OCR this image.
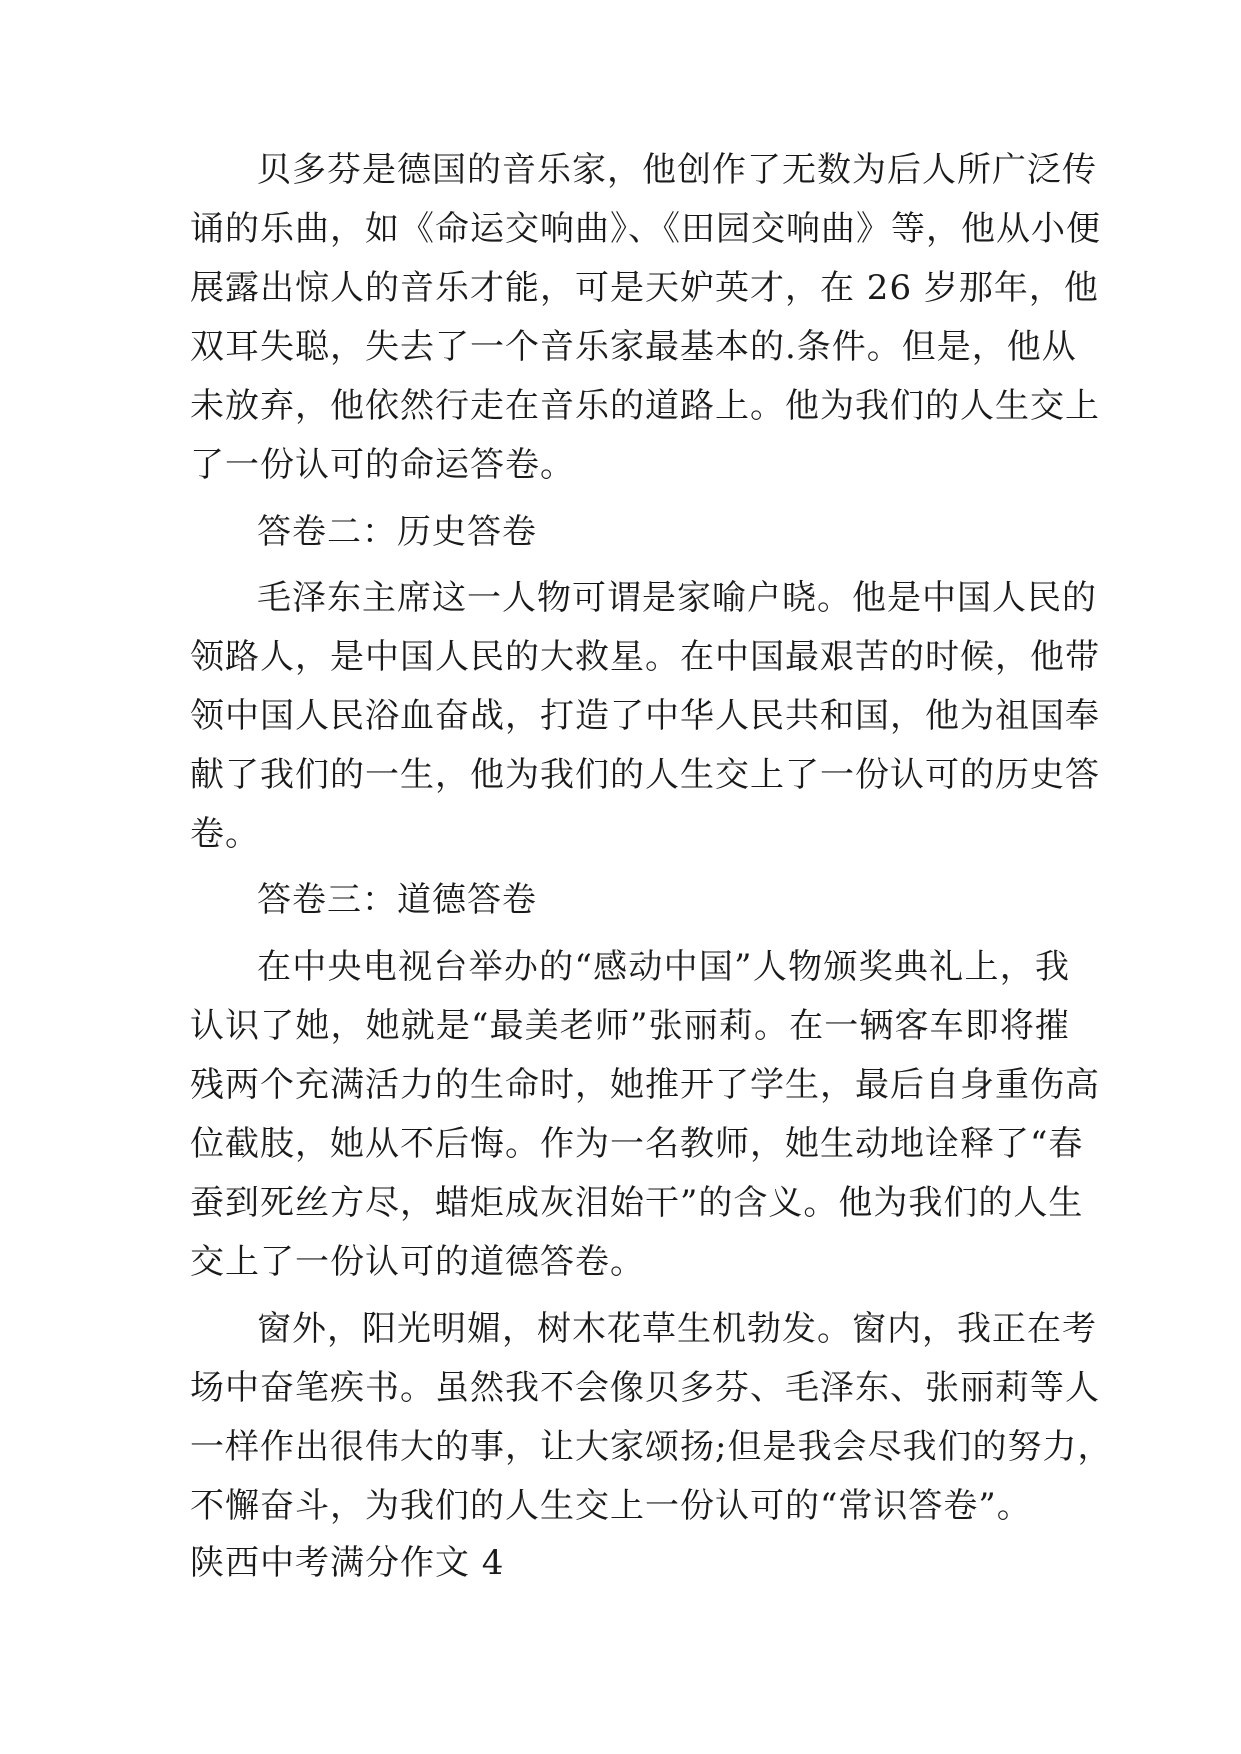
贝多芬是德国的音乐家，他创作了无数为后人所广泛传
诵的乐曲，如《命运交响曲》、《田园交响曲》等，他从小便
展露出惊人的音乐才能，可是天妒英才，在 26 岁那年，他
双耳失聪，失去了一个音乐家最基本的.条件。但是，他从
未放弃，他依然行走在音乐的道路上。他为我们的人生交上
了一份认可的命运答卷。
答卷二：历史答卷
毛泽东主席这一人物可谓是家喻户晓。他是中国人民的
领路人，是中国人民的大救星。在中国最艰苦的时候，他带
领中国人民浴血奋战，打造了中华人民共和国，他为祖国奉
献了我们的一生，他为我们的人生交上了一份认可的历史答
卷。
答卷三：道德答卷
在中央电视台举办的“感动中国”人物颁奖典礼上，我
认识了她，她就是“最美老师”张丽莉。在一辆客车即将摧
残两个充满活力的生命时，她推开了学生，最后自身重伤高
位截肢，她从不后悔。作为一名教师，她生动地诠释了“春
蚕到死丝方尽，蜡炬成灰泪始干”的含义。他为我们的人生
交上了一份认可的道德答卷。
窗外，阳光明媚，树木花草生机勃发。窗内，我正在考
场中奋笔疾书。虽然我不会像贝多芬、毛泽东、张丽莉等人
一样作出很伟大的事，让大家颂扬;但是我会尽我们的努力，
不懈奋斗，为我们的人生交上一份认可的“常识答卷”。
陕西中考满分作文 4
